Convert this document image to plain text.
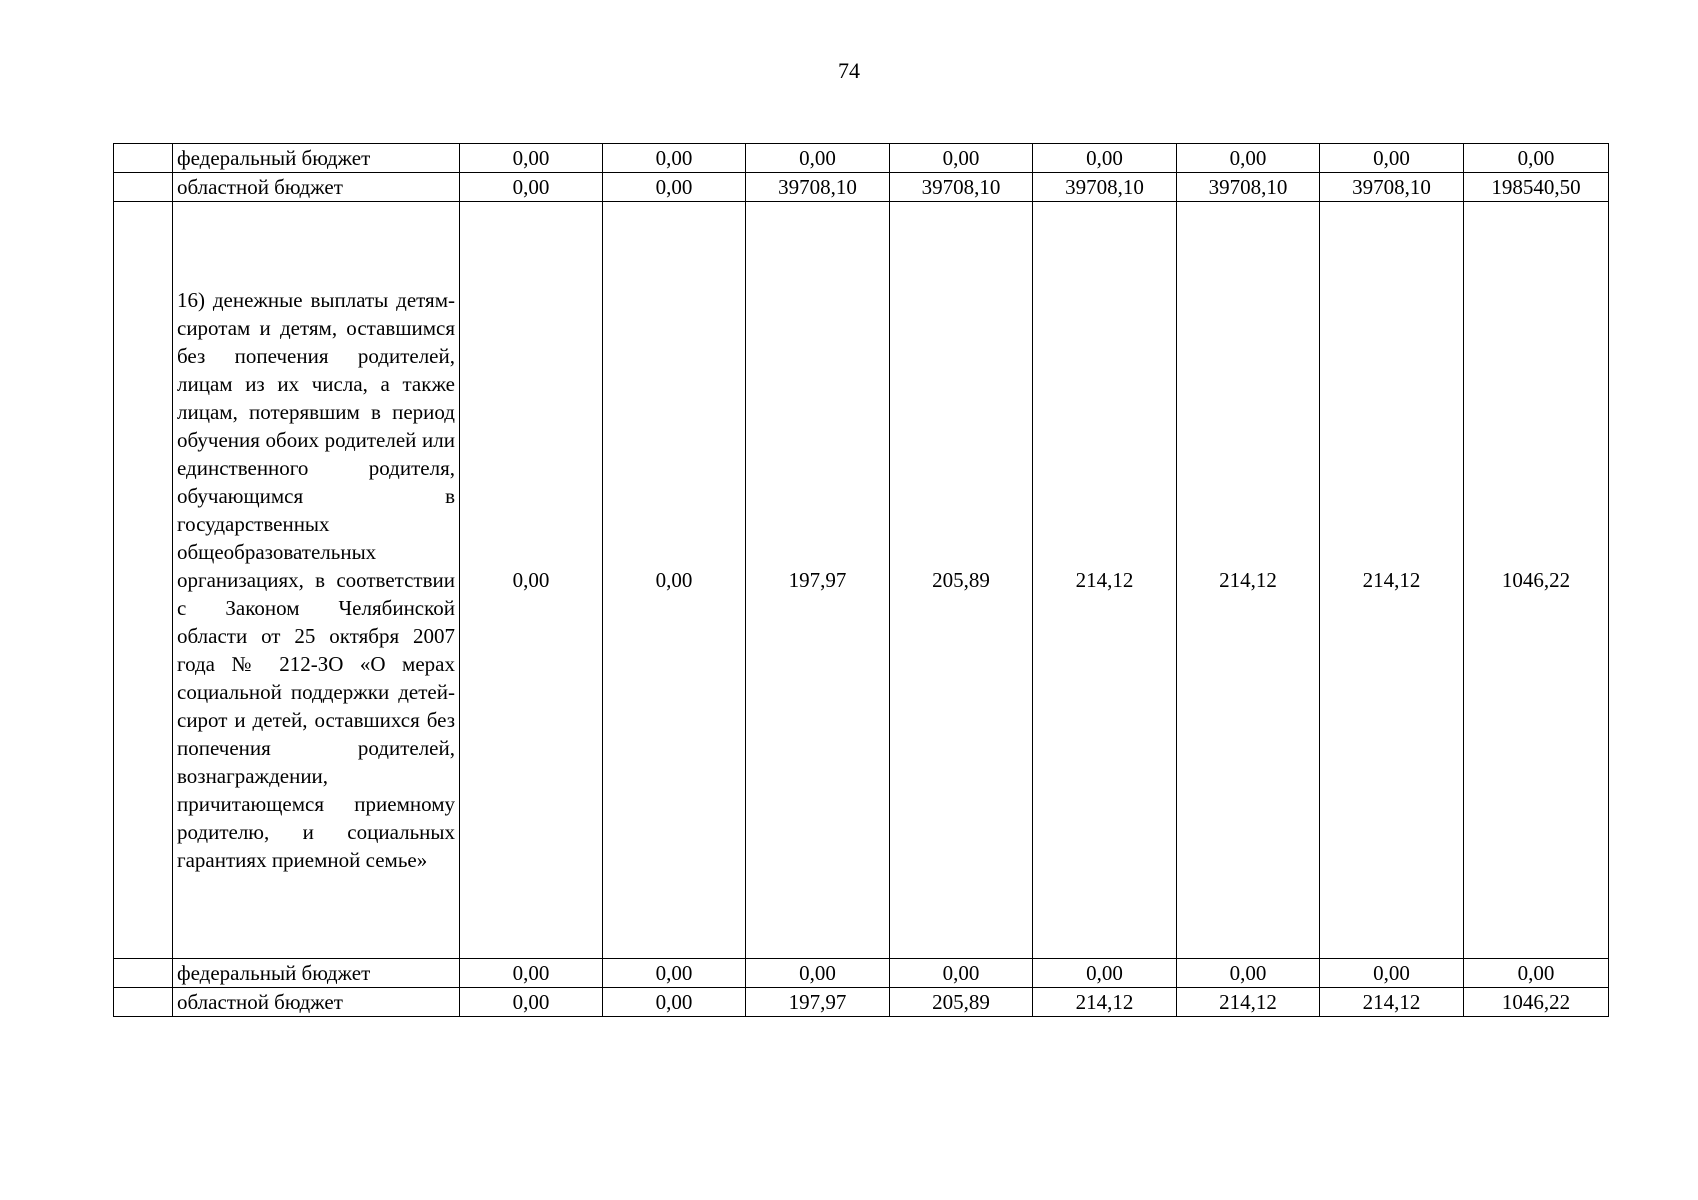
74
	федеральный бюджет	0,00	0,00	0,00	0,00	0,00	0,00	0,00	0,00
	областной бюджет	0,00	0,00	39708,10	39708,10	39708,10	39708,10	39708,10	198540,50
	16) денежные выплаты детям-сиротам и детям, оставшимся без попечения родителей, лицам из их числа, а также лицам, потерявшим в период обучения обоих родителей или единственного родителя, обучающимся в государственных общеобразовательных организациях, в соответствии с Законом Челябинской области от 25 октября 2007 года № 212-ЗО «О мерах социальной поддержки детей-сирот и детей, оставшихся без попечения родителей, вознаграждении, причитающемся приемному родителю, и социальных гарантиях приемной семье»	0,00	0,00	197,97	205,89	214,12	214,12	214,12	1046,22
	федеральный бюджет	0,00	0,00	0,00	0,00	0,00	0,00	0,00	0,00
	областной бюджет	0,00	0,00	197,97	205,89	214,12	214,12	214,12	1046,22
